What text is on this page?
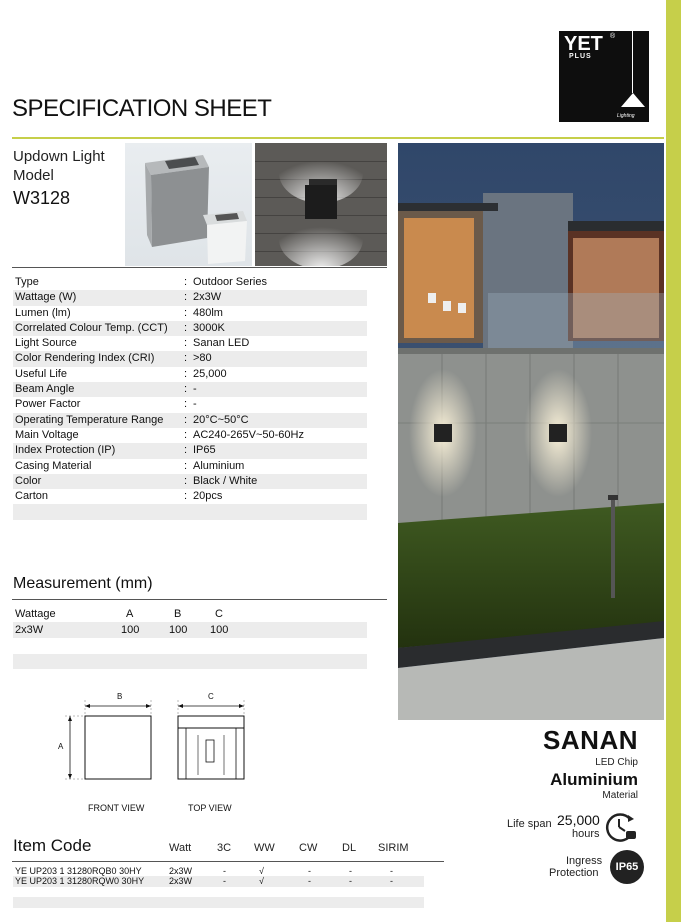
YET ®
PLUS
Lighting
SPECIFICATION SHEET
Updown Light
Model
W3128
Type	: Outdoor Series
Wattage (W)	: 2x3W
Lumen (lm)	: 480lm
Correlated Colour Temp. (CCT) : 3000K
Light Source	: Sanan LED
Color Rendering Index (CRI)	: >80
Useful Life	: 25,000
Beam Angle	: -
Power Factor	: -
Operating Temperature Range : 20°C~50°C
Main Voltage	: AC240-265V~50-60Hz
Index Protection (IP)	: IP65
Casing Material	: Aluminium
Color	: Black / White
Carton	: 20pcs
Measurement (mm)
Wattage	A	B	C
2x3W	100	100 100
B
A
C
FRONT VIEW	TOP VIEW
SANAN
LED Chip
Aluminium
Material
Life span 25,000
hours
Ingress
Protection	IP65
Item Code	Watt 3C WW CW DL SIRIM
YE UP203 1 31280RQB0 30HY	2x3W	-	√	-	-	-
YE UP203 1 31280RQW0 30HY	2x3W	-	√	-	-	-
